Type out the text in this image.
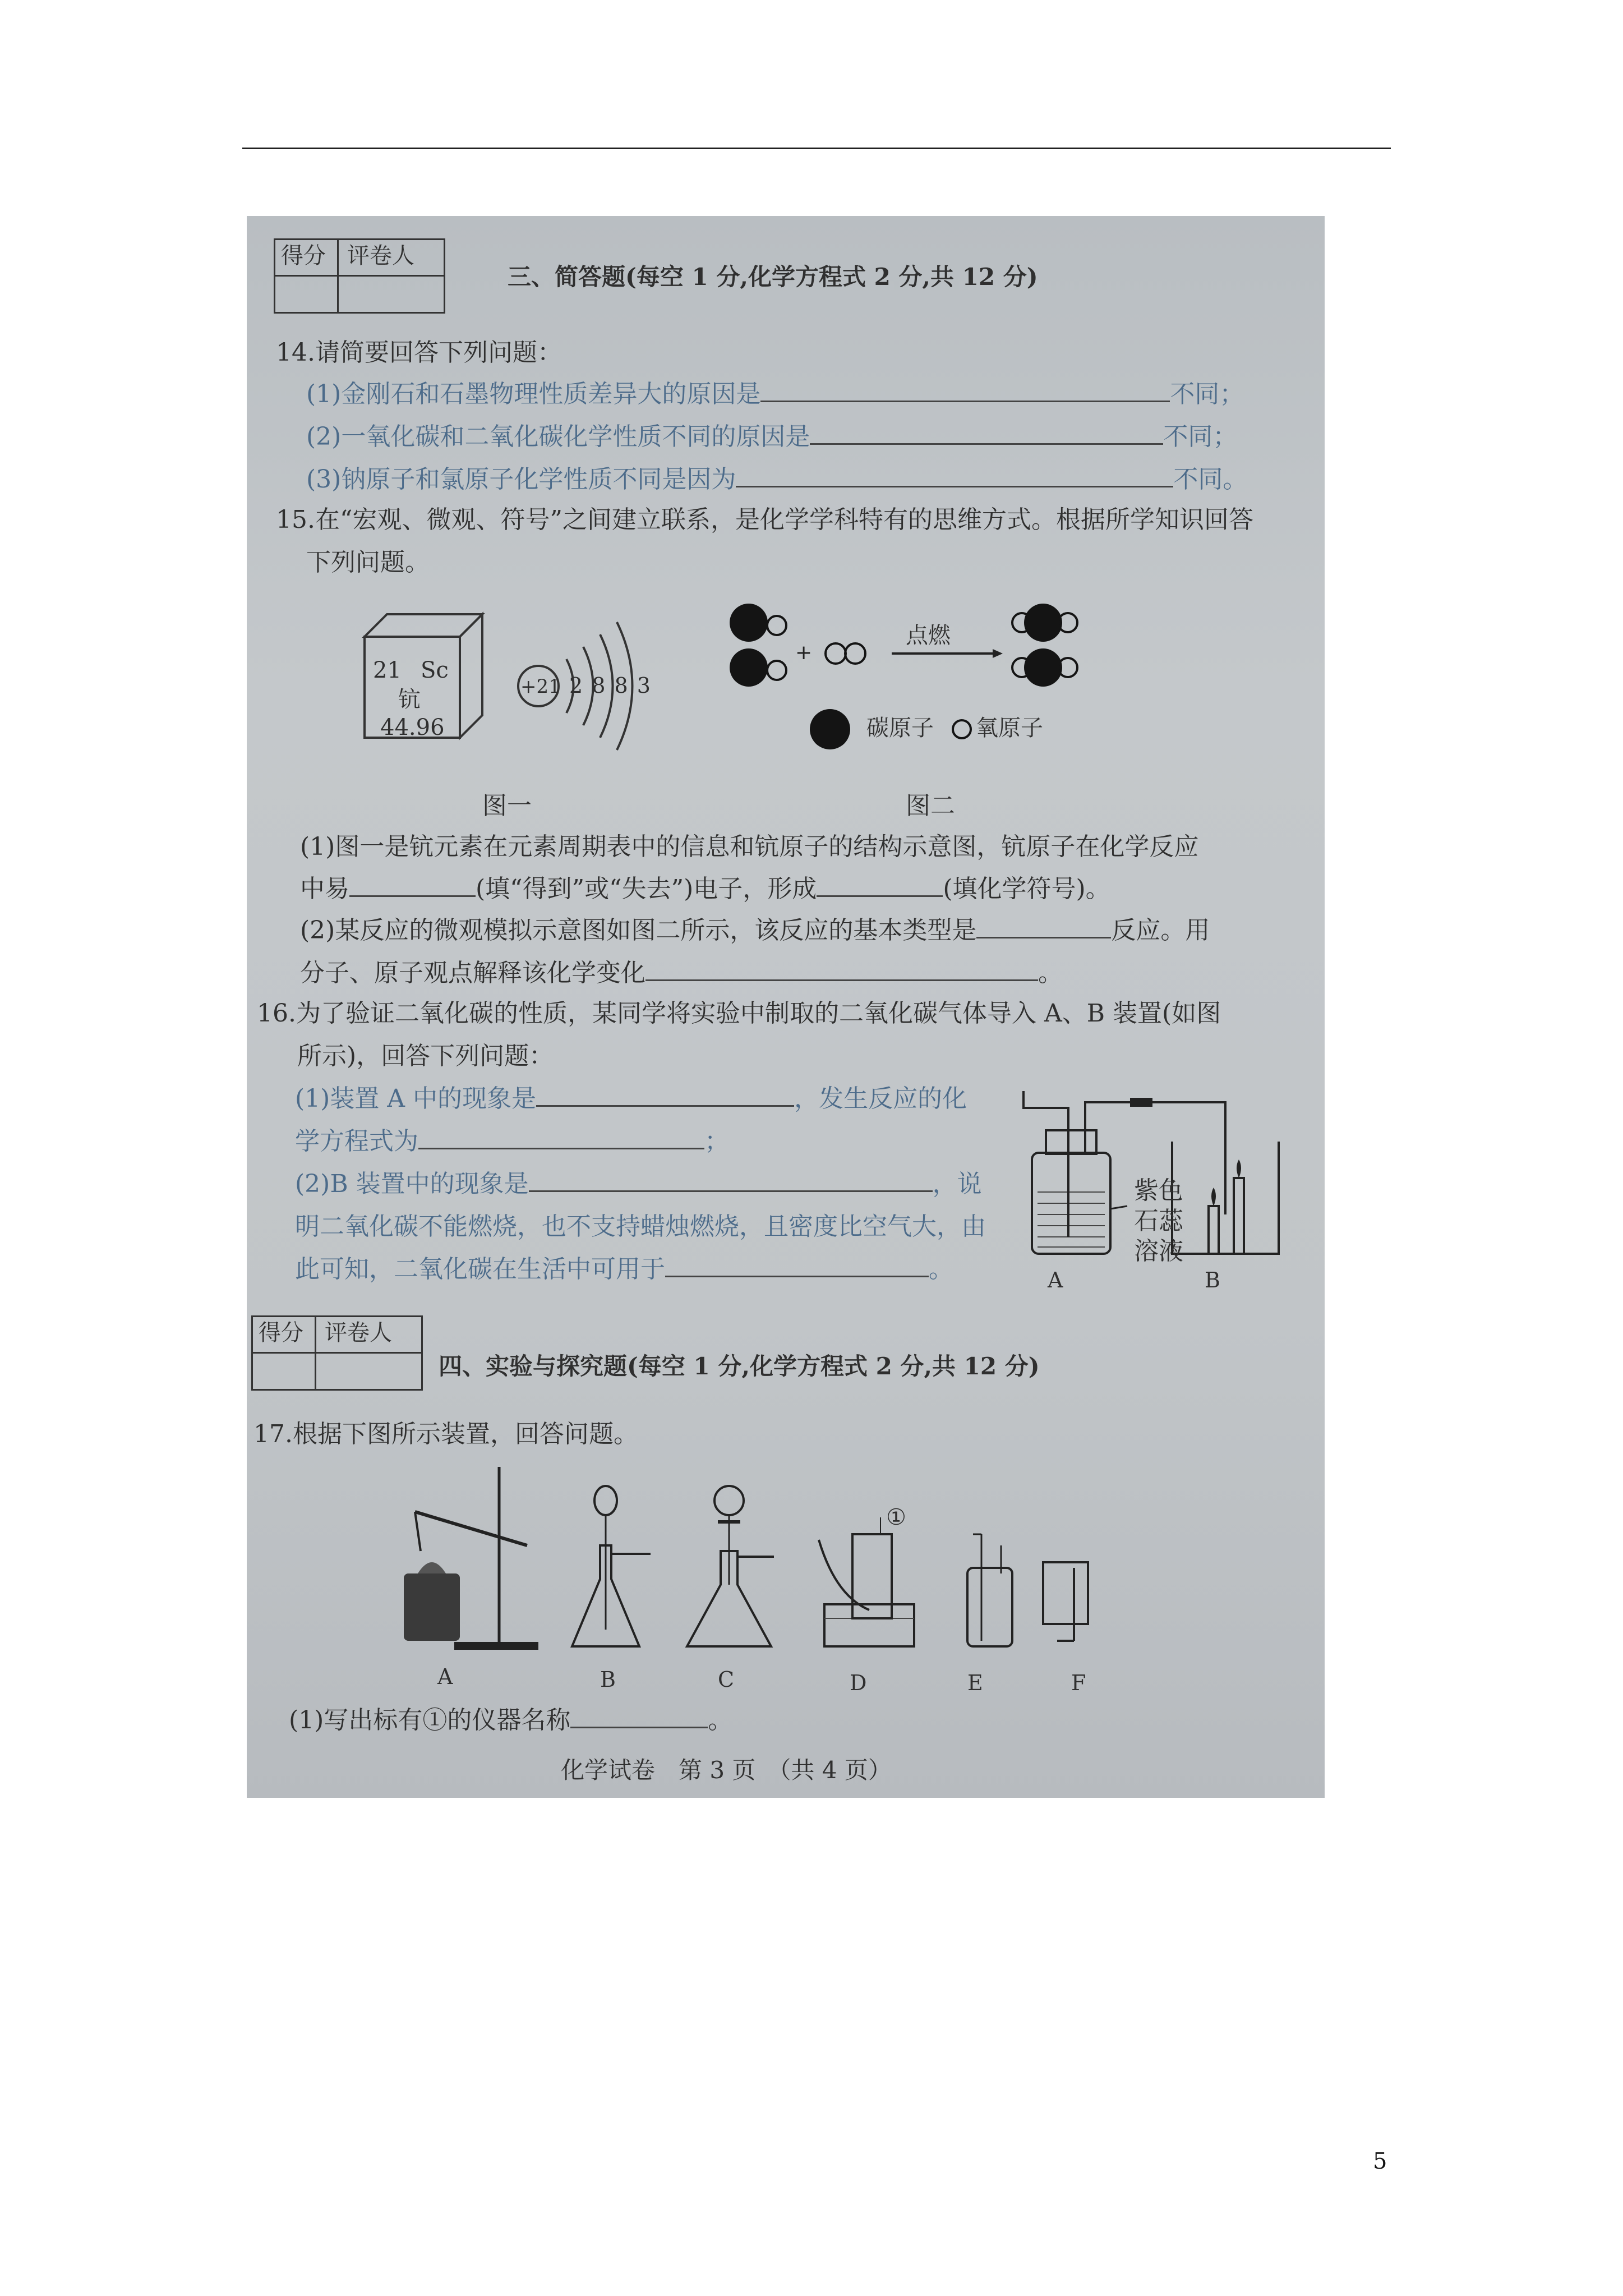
得分 评卷人
三、简答题(每空 1 分,化学方程式 2 分,共 12 分)
14.请简要回答下列问题：
(1)金刚石和石墨物理性质差异大的原因是	不同；
(2)一氧化碳和二氧化碳化学性质不同的原因是	不同；
(3)钠原子和氯原子化学性质不同是因为	不同。
15.在“宏观、微观、符号”之间建立联系，是化学学科特有的思维方式。根据所学知识回答
下列问题。
21 Sc
钪
44.96
+21 2 8 8 3
图一
+
点燃
碳原子 氧原子
图二
(1)图一是钪元素在元素周期表中的信息和钪原子的结构示意图，钪原子在化学反应
中易	(填“得到”或“失去”)电子，形成	(填化学符号)。
(2)某反应的微观模拟示意图如图二所示，该反应的基本类型是	反应。用
分子、原子观点解释该化学变化	。
16.为了验证二氧化碳的性质，某同学将实验中制取的二氧化碳气体导入 A、B 装置(如图
所示)，回答下列问题：
(1)装置 A 中的现象是	，发生反应的化
学方程式为	；
(2)B 装置中的现象是	，说
明二氧化碳不能燃烧，也不支持蜡烛燃烧，且密度比空气大，由
此可知，二氧化碳在生活中可用于	。
紫色
石蕊
溶液
A	B
得分 评卷人
四、实验与探究题(每空 1 分,化学方程式 2 分,共 12 分)
17.根据下图所示装置，回答问题。
①
A	B	C	D	E	F
(1)写出标有①的仪器名称	。
化学试卷　第 3 页　（共 4 页）
5
